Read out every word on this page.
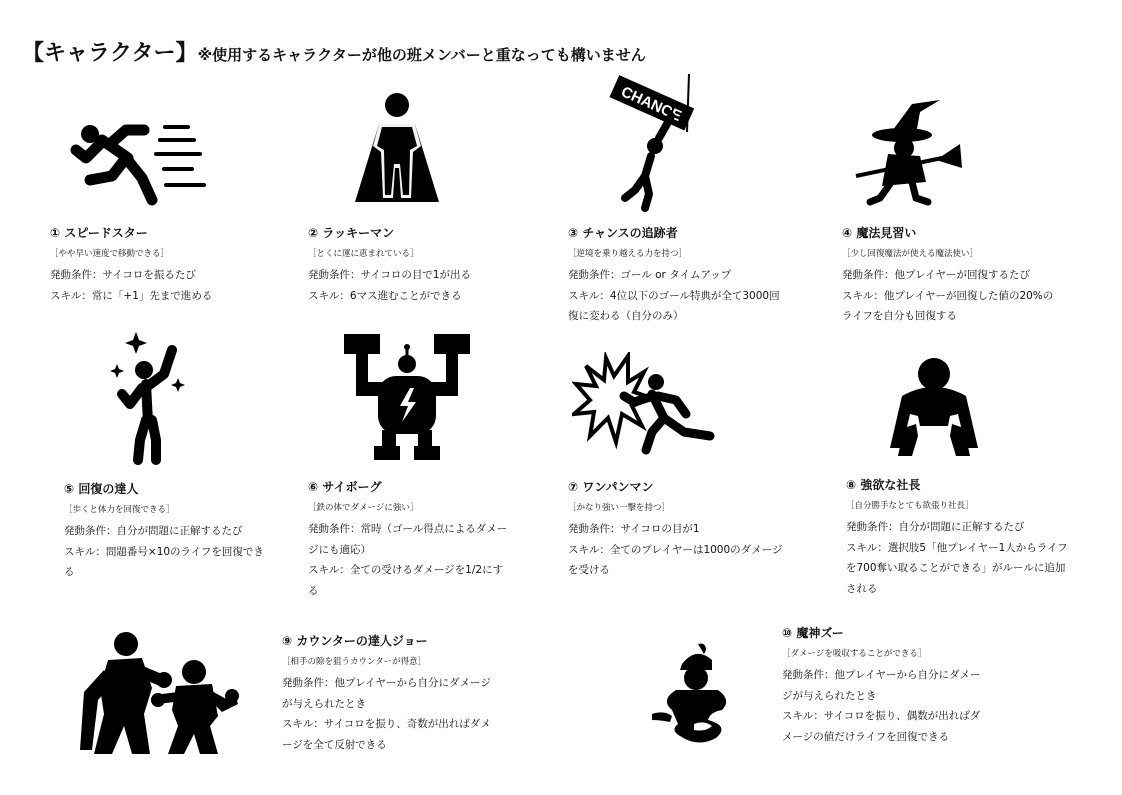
【キャラクター】※使用するキャラクターが他の班メンバーと重なっても構いません
CHANCE

① スピードスター

［やや早い速度で移動できる］

発動条件：サイコロを振るたび

スキル：常に「+1」先まで進める

② ラッキーマン

［とくに運に恵まれている］

発動条件：サイコロの目で1が出る

スキル：6マス進むことができる

③ チャンスの追跡者

［逆境を乗り越える力を持つ］

発動条件：ゴール or タイムアップ

スキル：4位以下のゴール特典が全て3000回復に変わる（自分のみ）

④ 魔法見習い

［少し回復魔法が使える魔法使い］

発動条件：他プレイヤーが回復するたび

スキル：他プレイヤーが回復した値の20%のライフを自分も回復する

⑤ 回復の達人

［歩くと体力を回復できる］

発動条件：自分が問題に正解するたび

スキル：問題番号×10のライフを回復できる

⑥ サイボーグ

［鉄の体でダメージに強い］

発動条件：常時（ゴール得点によるダメージにも適応）

スキル：全ての受けるダメージを1/2にする

⑦ ワンパンマン

［かなり強い一撃を持つ］

発動条件：サイコロの目が1

スキル：全てのプレイヤーは1000のダメージを受ける

⑧ 強欲な社長

［自分勝手なとても欲張り社長］

発動条件：自分が問題に正解するたび

スキル：選択肢5「他プレイヤー1人からライフを700奪い取ることができる」がルールに追加される

⑨ カウンターの達人ジョー

［相手の隙を狙うカウンターが得意］

発動条件：他プレイヤーから自分にダメージが与えられたとき

スキル：サイコロを振り、奇数が出ればダメージを全て反射できる

⑩ 魔神ズー

［ダメージを吸収することができる］

発動条件：他プレイヤーから自分にダメージが与えられたとき

スキル：サイコロを振り、偶数が出ればダメージの値だけライフを回復できる
